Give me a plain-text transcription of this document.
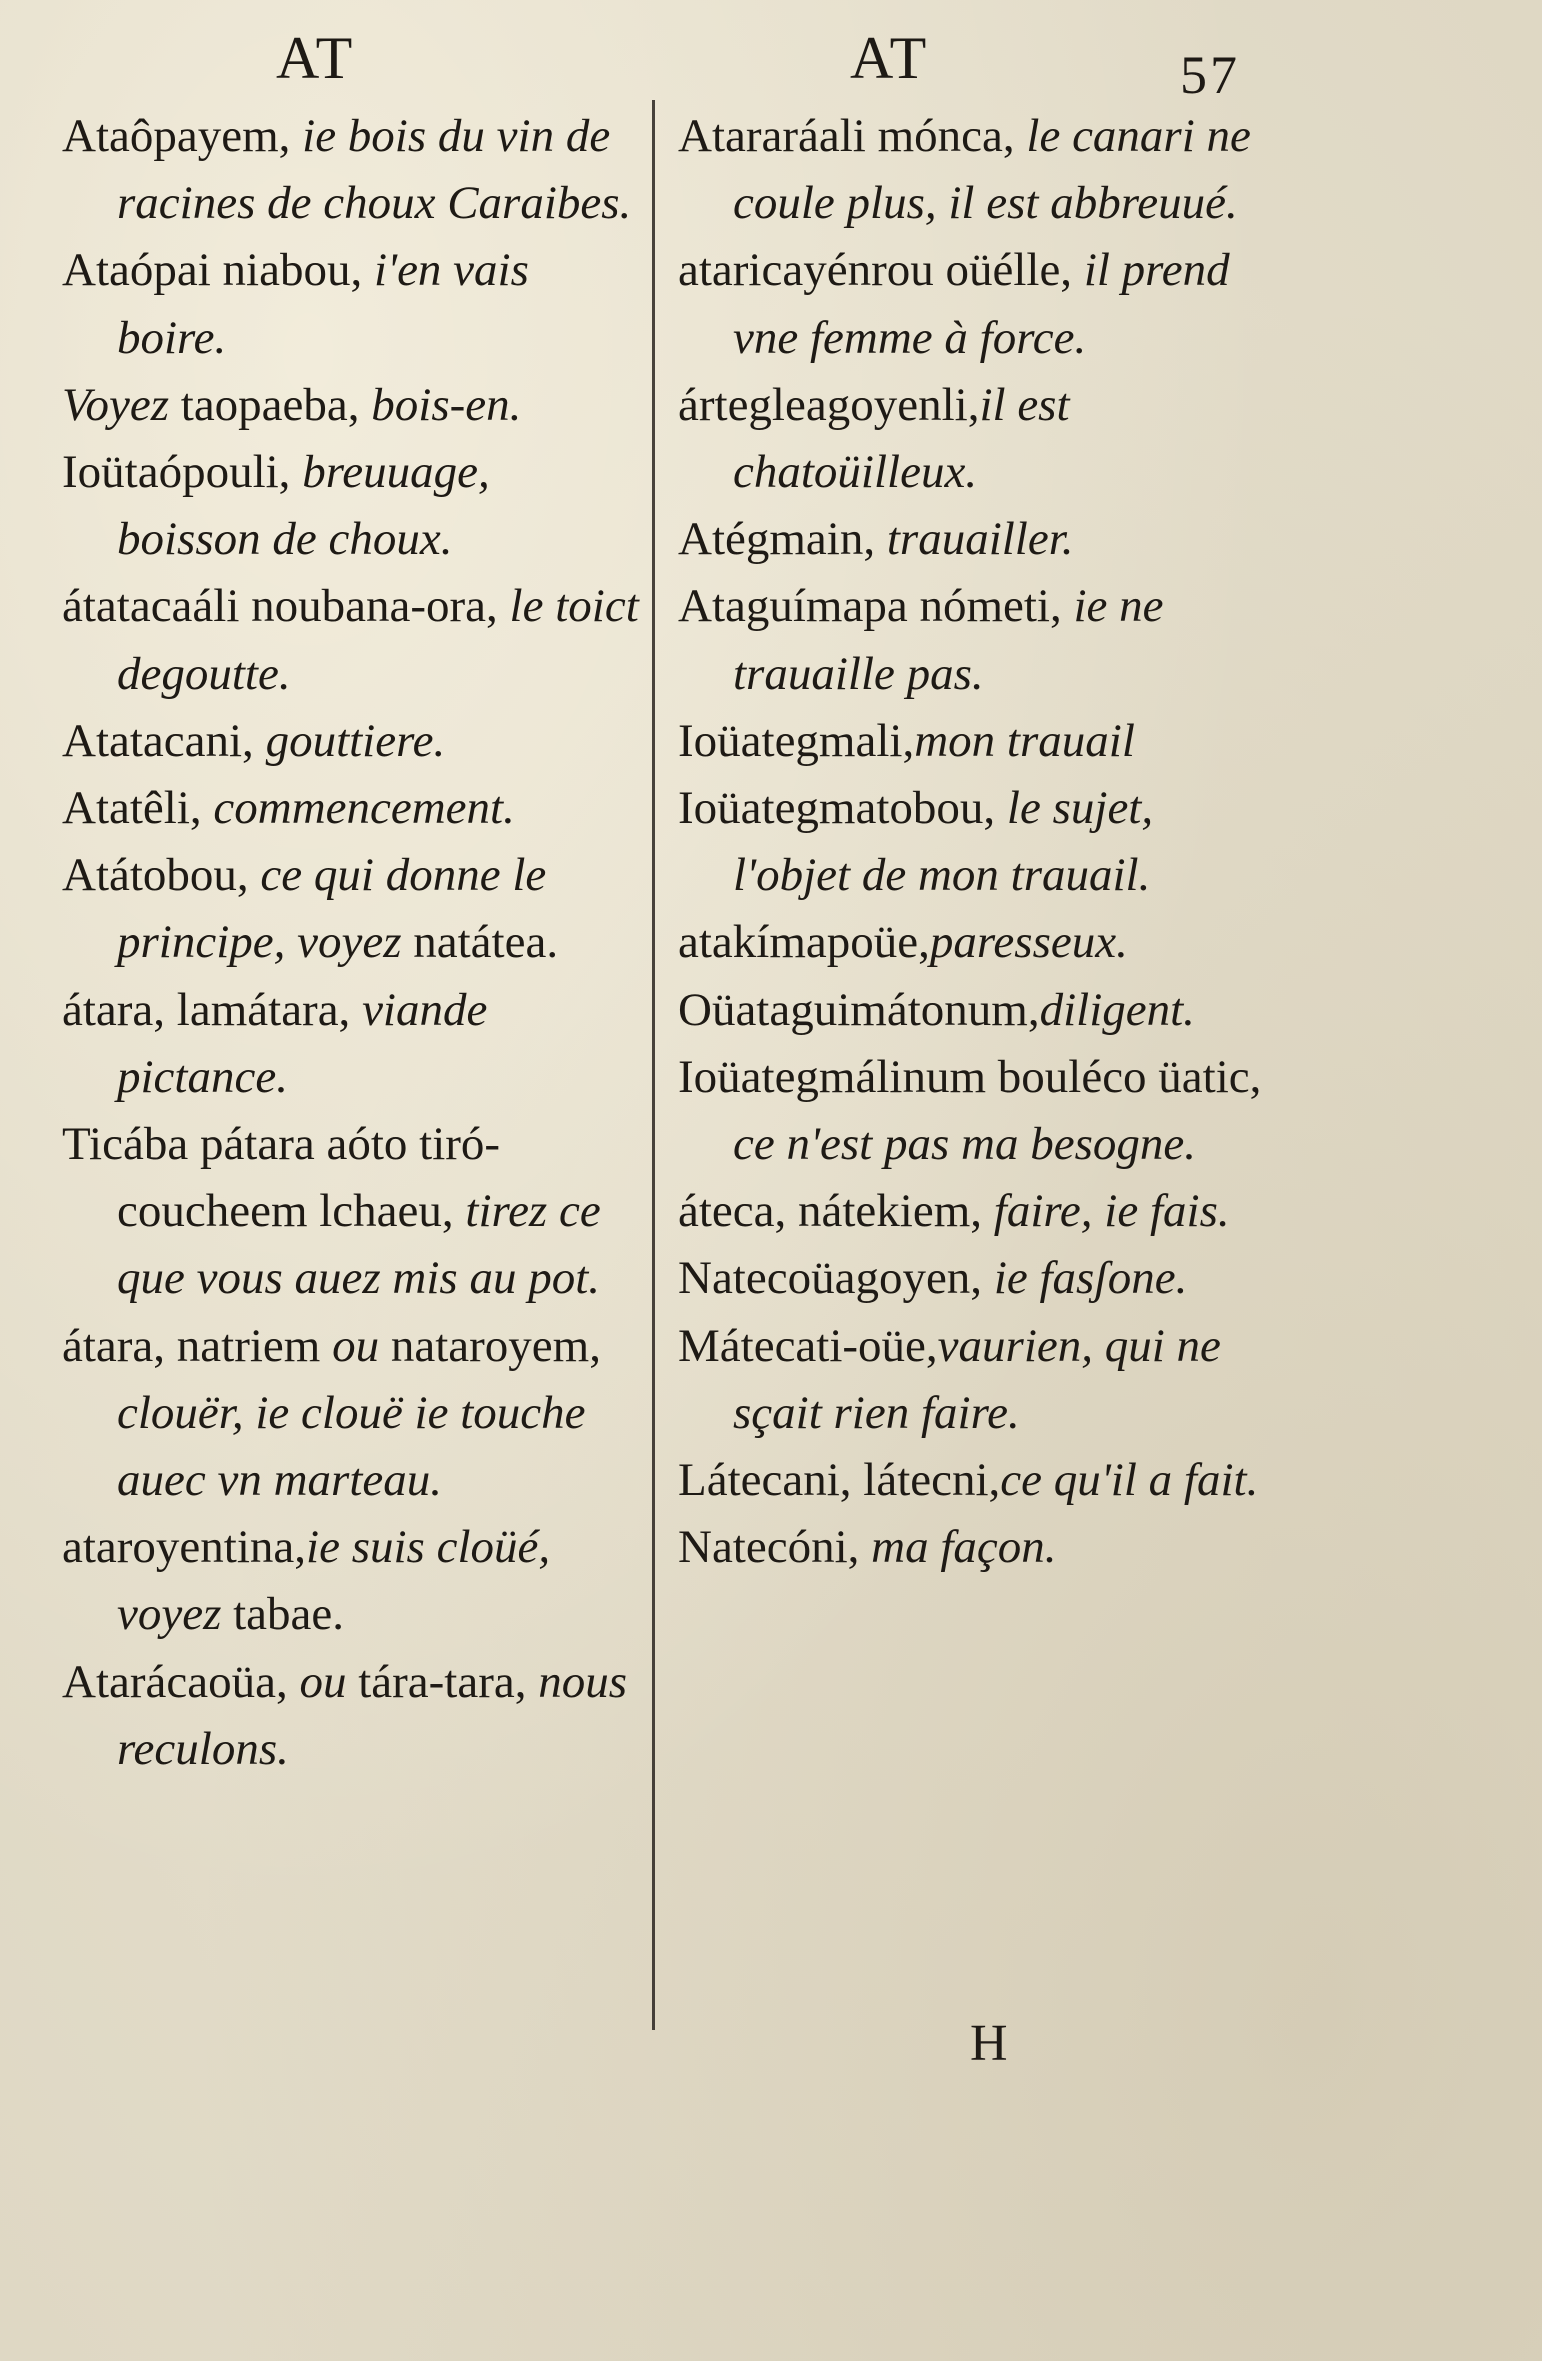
AT	AT	57

Ataôpayem, ie bois du vin de racines de choux Caraibes.

Ataópai niabou, i'en vais boire.

Voyez taopaeba, bois-en.

Ioütaópouli, breuuage, boisson de choux.

átatacaáli noubana-ora, le toict degoutte.

Atatacani, gouttiere.

Atatêli, commencement.

Atátobou, ce qui donne le principe, voyez natátea.

átara, lamátara, viande pictance.

Ticába pátara aóto tiró-coucheem lchaeu, tirez ce que vous auez mis au pot.

átara, natriem ou nataroyem, clouër, ie clouë ie touche auec vn marteau.

ataroyentina,ie suis cloüé, voyez tabae.

Atarácaoüa, ou tára-tara, nous reculons.

Atararáali mónca, le canari ne coule plus, il est abbreuué.

ataricayénrou oüélle, il prend vne femme à force.

ártegleagoyenli,il est chatoüilleux.

Atégmain, trauailler.

Ataguímapa nómeti, ie ne trauaille pas.

Ioüategmali,mon trauail

Ioüategmatobou, le sujet, l'objet de mon trauail.

atakímapoüe,paresseux.

Oüataguimátonum,diligent.

Ioüategmálinum bouléco üatic, ce n'est pas ma besogne.

áteca, nátekiem, faire, ie fais.

Natecoüagoyen, ie fasʃone.

Mátecati-oüe,vaurien, qui ne sçait rien faire.

Látecani, látecni,ce qu'il a fait.

Natecóni, ma façon.

H
